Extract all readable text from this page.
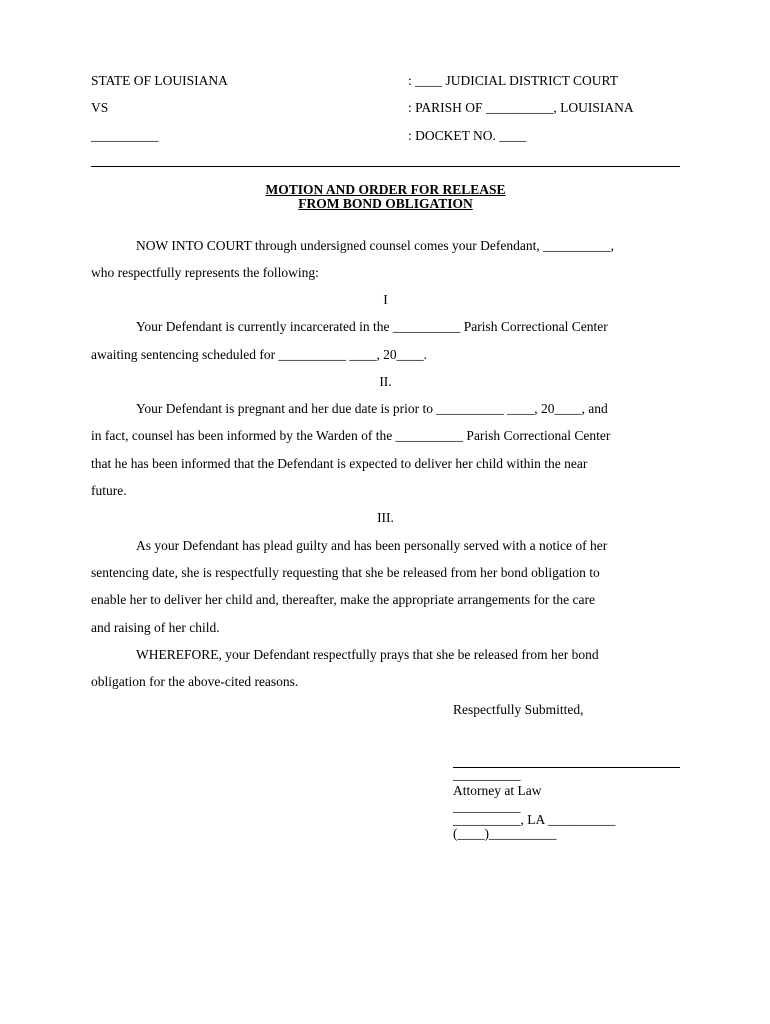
STATE OF LOUISIANA
VS
__________
: ____ JUDICIAL DISTRICT COURT
: PARISH OF __________, LOUISIANA
: DOCKET NO. ____
MOTION AND ORDER FOR RELEASE
FROM BOND OBLIGATION
NOW INTO COURT through undersigned counsel comes your Defendant, __________,
who respectfully represents the following:
I
Your Defendant is currently incarcerated in the __________ Parish Correctional Center
awaiting sentencing scheduled for __________ ____, 20____.
II.
Your Defendant is pregnant and her due date is prior to __________ ____, 20____, and
in fact, counsel has been informed by the Warden of the __________ Parish Correctional Center
that he has been informed that the Defendant is expected to deliver her child within the near
future.
III.
As your Defendant has plead guilty and has been personally served with a notice of her
sentencing date, she is respectfully requesting that she be released from her bond obligation to
enable her to deliver her child and, thereafter, make the appropriate arrangements for the care
and raising of her child.
WHEREFORE, your Defendant respectfully prays that she be released from her bond
obligation for the above-cited reasons.
Respectfully Submitted,
__________
Attorney at Law
__________
__________, LA __________
(____)__________
